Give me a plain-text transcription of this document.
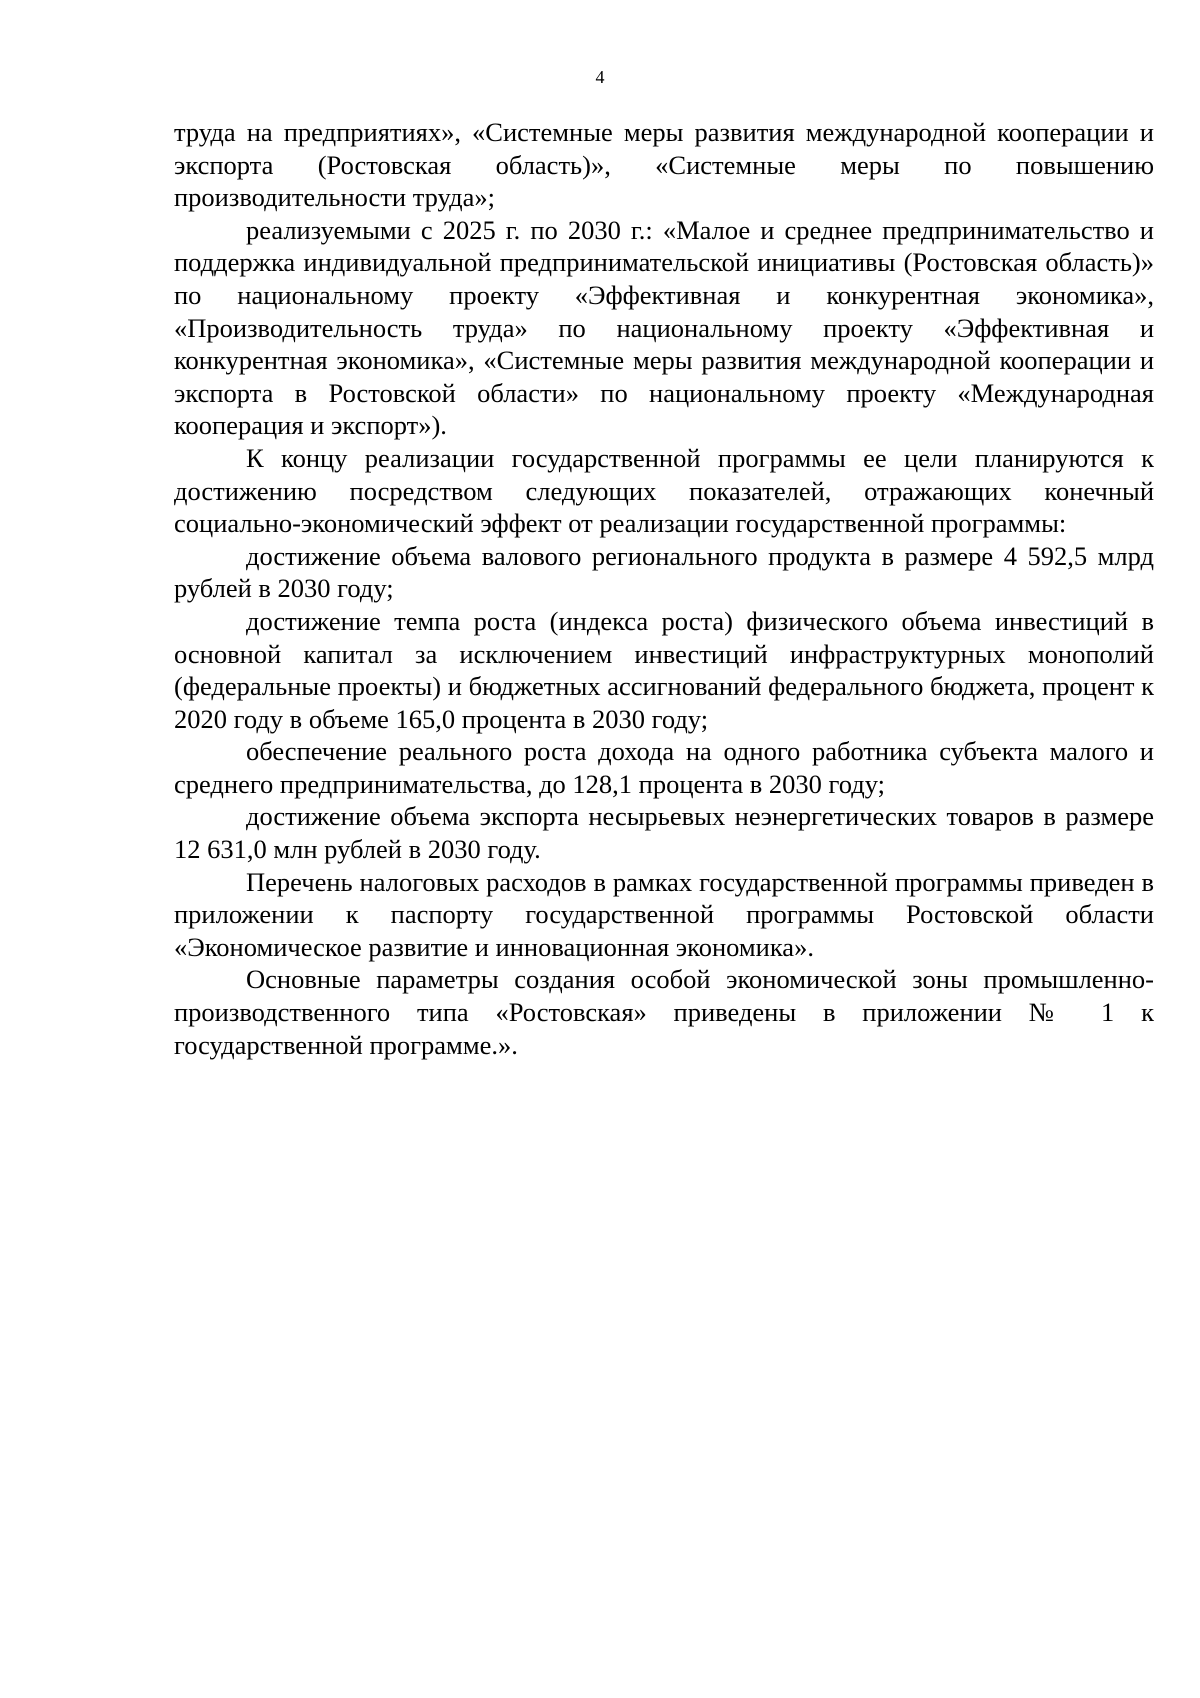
4

труда на предприятиях», «Системные меры развития международной кооперации и экспорта (Ростовская область)», «Системные меры по повышению производительности труда»;

реализуемыми с 2025 г. по 2030 г.: «Малое и среднее предпринимательство и поддержка индивидуальной предпринимательской инициативы (Ростовская область)» по национальному проекту «Эффективная и конкурентная экономика», «Производительность труда» по национальному проекту «Эффективная и конкурентная экономика», «Системные меры развития международной кооперации и экспорта в Ростовской области» по национальному проекту «Международная кооперация и экспорт»).

К концу реализации государственной программы ее цели планируются к достижению посредством следующих показателей, отражающих конечный социально-экономический эффект от реализации государственной программы:

достижение объема валового регионального продукта в размере 4 592,5 млрд рублей в 2030 году;

достижение темпа роста (индекса роста) физического объема инвестиций в основной капитал за исключением инвестиций инфраструктурных монополий (федеральные проекты) и бюджетных ассигнований федерального бюджета, процент к 2020 году в объеме 165,0 процента в 2030 году;

обеспечение реального роста дохода на одного работника субъекта малого и среднего предпринимательства, до 128,1 процента в 2030 году;

достижение объема экспорта несырьевых неэнергетических товаров в размере 12 631,0 млн рублей в 2030 году.

Перечень налоговых расходов в рамках государственной программы приведен в приложении к паспорту государственной программы Ростовской области «Экономическое развитие и инновационная экономика».

Основные параметры создания особой экономической зоны промышленно-производственного типа «Ростовская» приведены в приложении № 1 к государственной программе.».
